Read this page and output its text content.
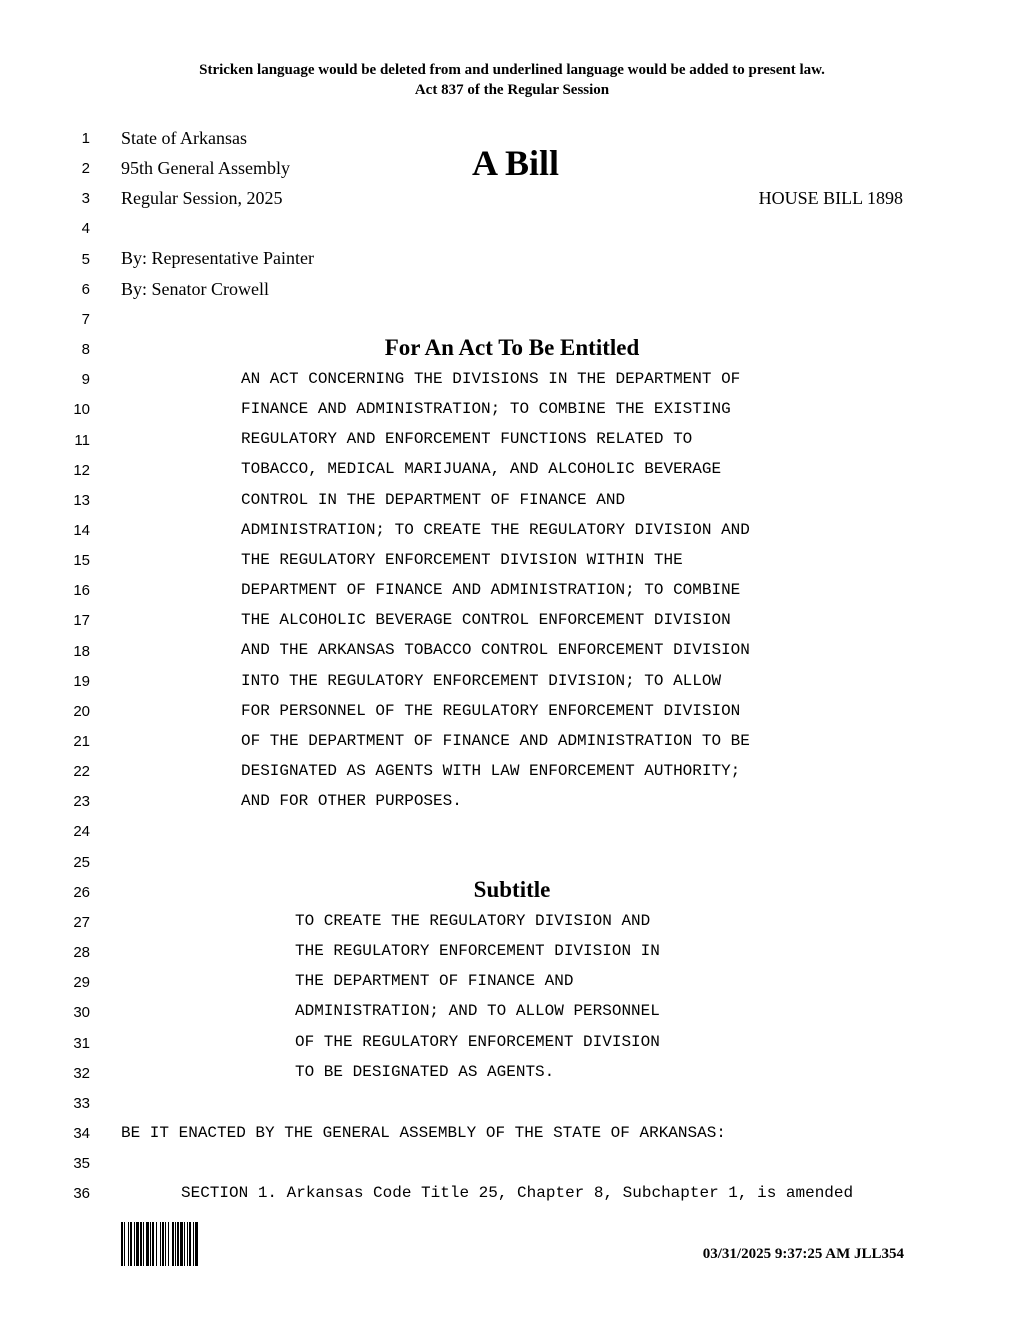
Stricken language would be deleted from and underlined language would be added to present law.
Act 837 of the Regular Session
1
2
3
4
5
6
7
8
9
10
11
12
13
14
15
16
17
18
19
20
21
22
23
24
25
26
27
28
29
30
31
32
33
34
35
36
State of Arkansas
95th General Assembly
Regular Session, 2025
A Bill
HOUSE BILL 1898
By: Representative Painter
By: Senator Crowell
For An Act To Be Entitled
AN ACT CONCERNING THE DIVISIONS IN THE DEPARTMENT OF
FINANCE AND ADMINISTRATION; TO COMBINE THE EXISTING
REGULATORY AND ENFORCEMENT FUNCTIONS RELATED TO
TOBACCO, MEDICAL MARIJUANA, AND ALCOHOLIC BEVERAGE
CONTROL IN THE DEPARTMENT OF FINANCE AND
ADMINISTRATION; TO CREATE THE REGULATORY DIVISION AND
THE REGULATORY ENFORCEMENT DIVISION WITHIN THE
DEPARTMENT OF FINANCE AND ADMINISTRATION; TO COMBINE
THE ALCOHOLIC BEVERAGE CONTROL ENFORCEMENT DIVISION
AND THE ARKANSAS TOBACCO CONTROL ENFORCEMENT DIVISION
INTO THE REGULATORY ENFORCEMENT DIVISION; TO ALLOW
FOR PERSONNEL OF THE REGULATORY ENFORCEMENT DIVISION
OF THE DEPARTMENT OF FINANCE AND ADMINISTRATION TO BE
DESIGNATED AS AGENTS WITH LAW ENFORCEMENT AUTHORITY;
AND FOR OTHER PURPOSES.
Subtitle
TO CREATE THE REGULATORY DIVISION AND
THE REGULATORY ENFORCEMENT DIVISION IN
THE DEPARTMENT OF FINANCE AND
ADMINISTRATION; AND TO ALLOW PERSONNEL
OF THE REGULATORY ENFORCEMENT DIVISION
TO BE DESIGNATED AS AGENTS.
BE IT ENACTED BY THE GENERAL ASSEMBLY OF THE STATE OF ARKANSAS:
SECTION 1. Arkansas Code Title 25, Chapter 8, Subchapter 1, is amended
03/31/2025 9:37:25 AM JLL354
